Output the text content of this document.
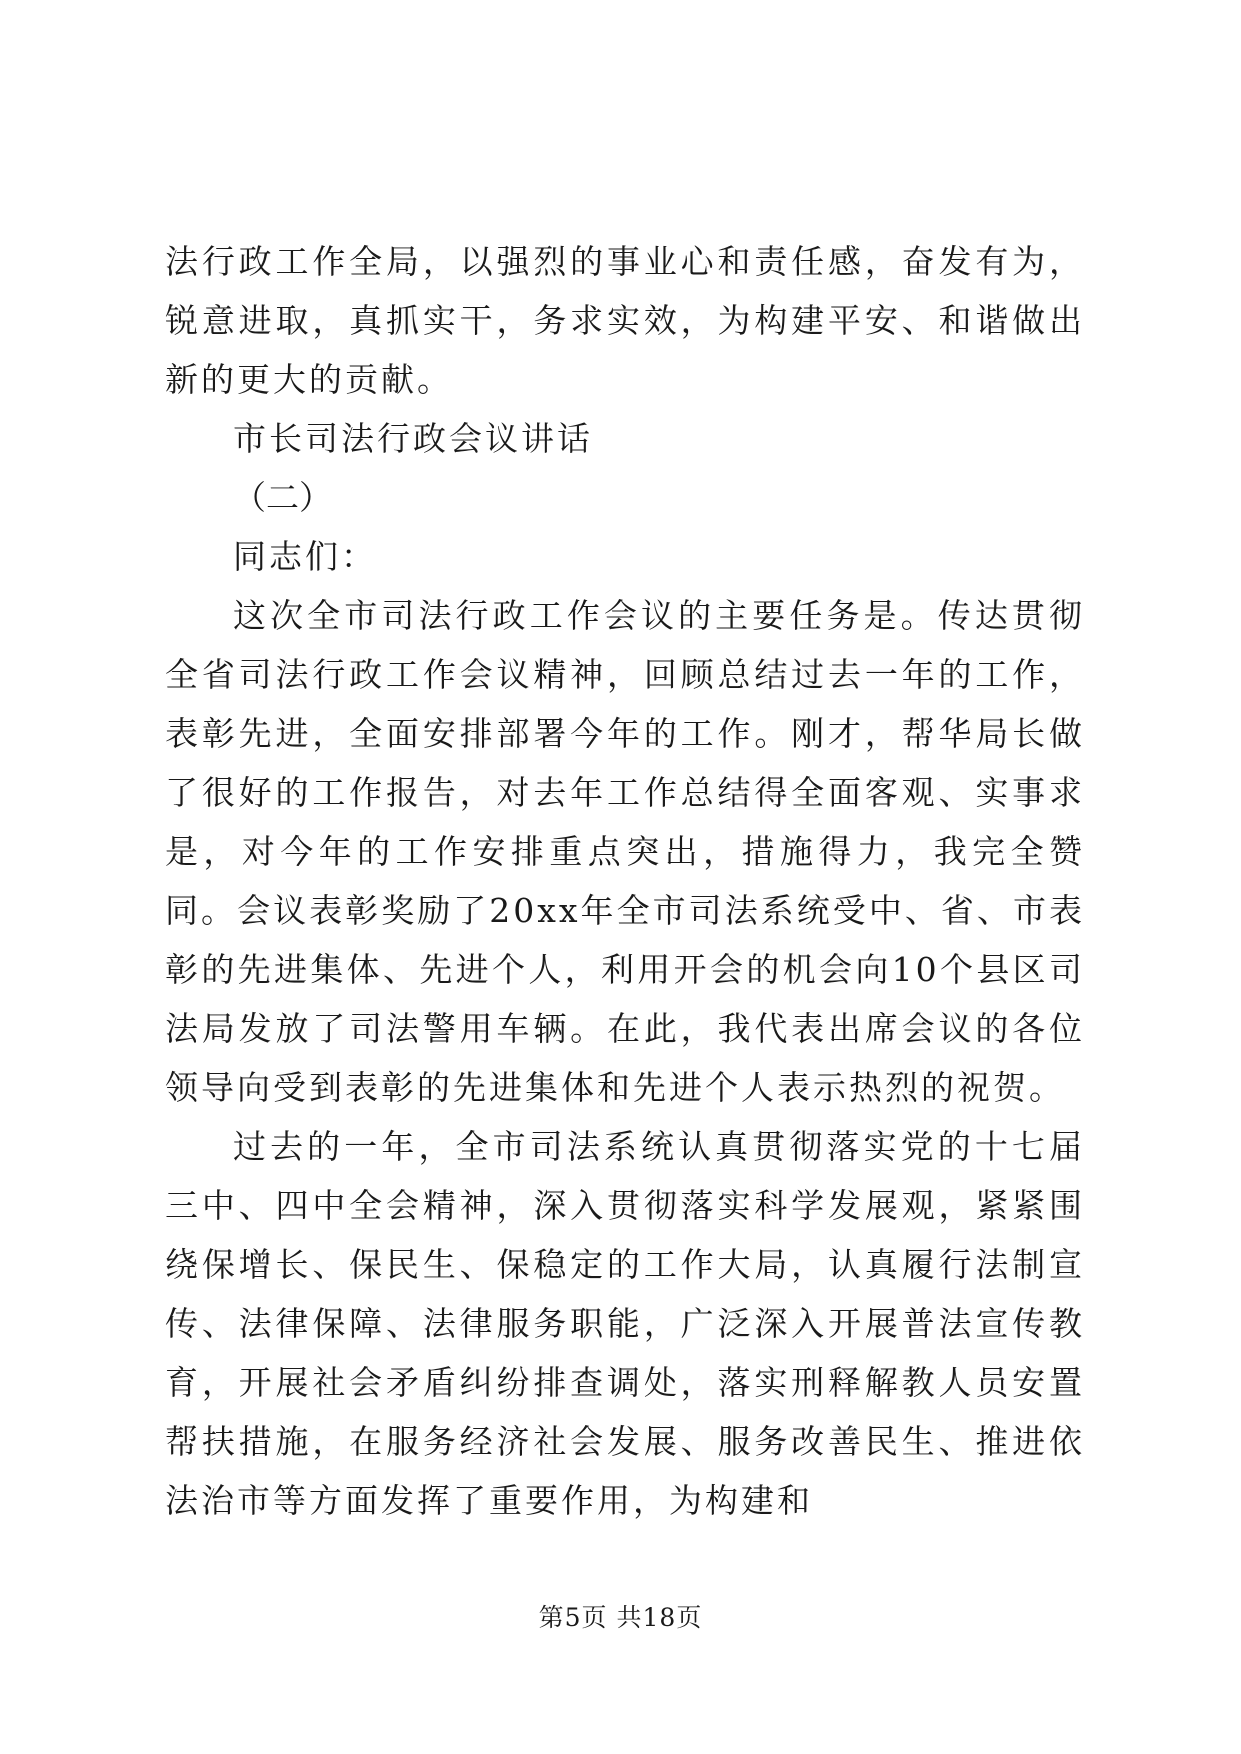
法行政工作全局，以强烈的事业心和责任感，奋发有为，锐意进取，真抓实干，务求实效，为构建平安、和谐做出新的更大的贡献。

市长司法行政会议讲话

（二）

同志们：

这次全市司法行政工作会议的主要任务是。传达贯彻全省司法行政工作会议精神，回顾总结过去一年的工作，表彰先进，全面安排部署今年的工作。刚才，帮华局长做了很好的工作报告，对去年工作总结得全面客观、实事求是，对今年的工作安排重点突出，措施得力，我完全赞同。会议表彰奖励了20xx年全市司法系统受中、省、市表彰的先进集体、先进个人，利用开会的机会向10个县区司法局发放了司法警用车辆。在此，我代表出席会议的各位领导向受到表彰的先进集体和先进个人表示热烈的祝贺。

过去的一年，全市司法系统认真贯彻落实党的十七届三中、四中全会精神，深入贯彻落实科学发展观，紧紧围绕保增长、保民生、保稳定的工作大局，认真履行法制宣传、法律保障、法律服务职能，广泛深入开展普法宣传教育，开展社会矛盾纠纷排查调处，落实刑释解教人员安置帮扶措施，在服务经济社会发展、服务改善民生、推进依法治市等方面发挥了重要作用，为构建和

第5页 共18页
